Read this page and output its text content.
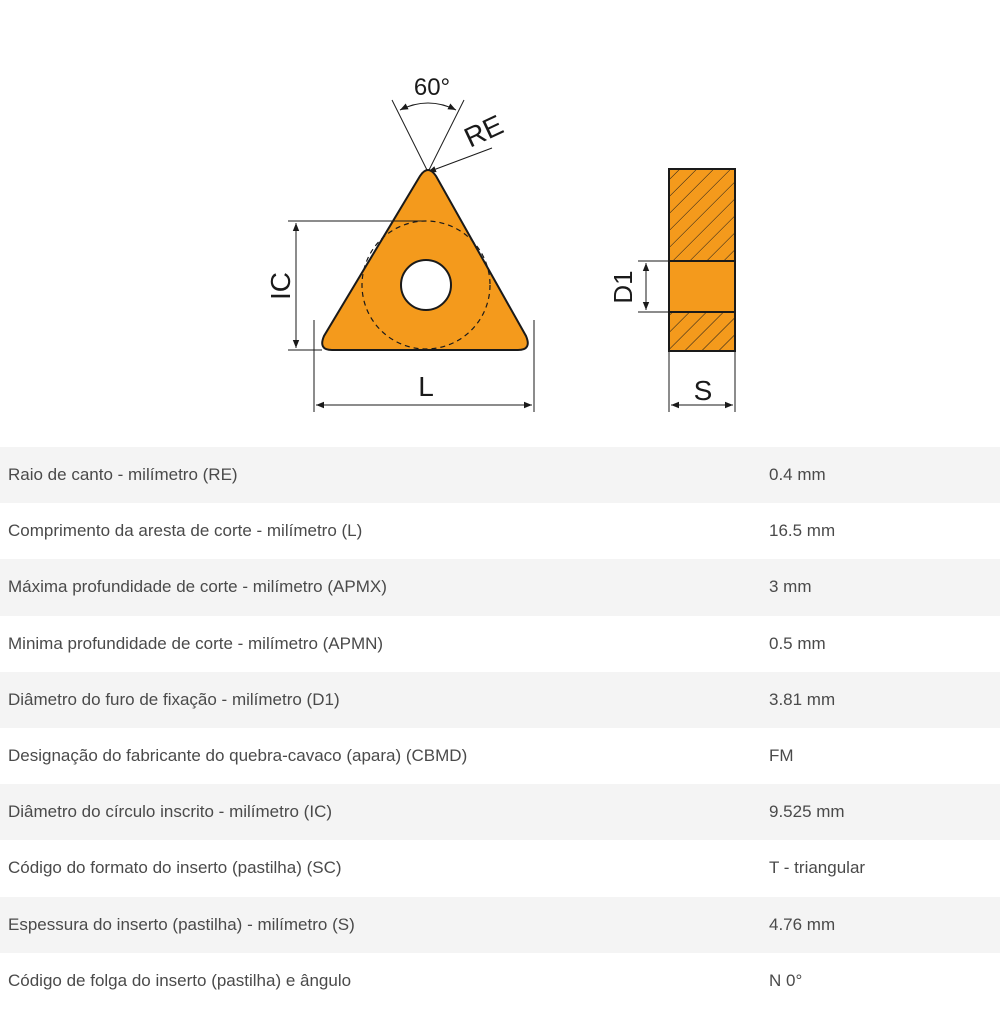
60°
RE
IC
L
D1
S
Raio de canto - milímetro (RE)	0.4 mm
Comprimento da aresta de corte - milímetro (L)	16.5 mm
Máxima profundidade de corte - milímetro (APMX)	3 mm
Minima profundidade de corte - milímetro (APMN)	0.5 mm
Diâmetro do furo de fixação - milímetro (D1)	3.81 mm
Designação do fabricante do quebra-cavaco (apara) (CBMD)	FM
Diâmetro do círculo inscrito - milímetro (IC)	9.525 mm
Código do formato do inserto (pastilha) (SC)	T - triangular
Espessura do inserto (pastilha) - milímetro (S)	4.76 mm
Código de folga do inserto (pastilha) e ângulo	N 0°
